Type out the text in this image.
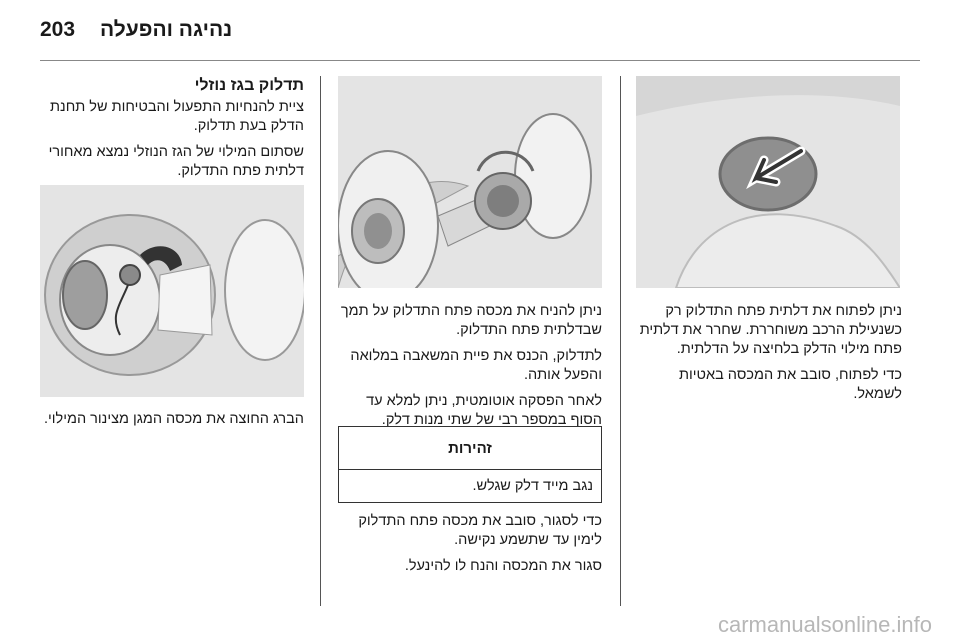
203 נהיגה והפעלה

ניתן לפתוח את דלתית פתח התדלוק רק כשנעילת הרכב משוחררת. שחרר את דלתית פתח מילוי הדלק בלחיצה על הדלתית.

כדי לפתוח, סובב את המכסה באטיות לשמאל.

ניתן להניח את מכסה פתח התדלוק על תמך שבדלתית פתח התדלוק.

לתדלוק, הכנס את פיית המשאבה במלואה והפעל אותה.

לאחר הפסקה אוטומטית, ניתן למלא עד הסוף במספר רבי של שתי מנות דלק.

זהירות
נגב מייד דלק שגלש.

כדי לסגור, סובב את מכסה פתח התדלוק לימין עד שתשמע נקישה.

סגור את המכסה והנח לו להינעל.

תדלוק בגז נוזלי

ציית להנחיות התפעול והבטיחות של תחנת הדלק בעת תדלוק.

שסתום המילוי של הגז הנוזלי נמצא מאחורי דלתית פתח התדלוק.

הברג החוצה את מכסה המגן מצינור המילוי.

carmanualsonline.info
